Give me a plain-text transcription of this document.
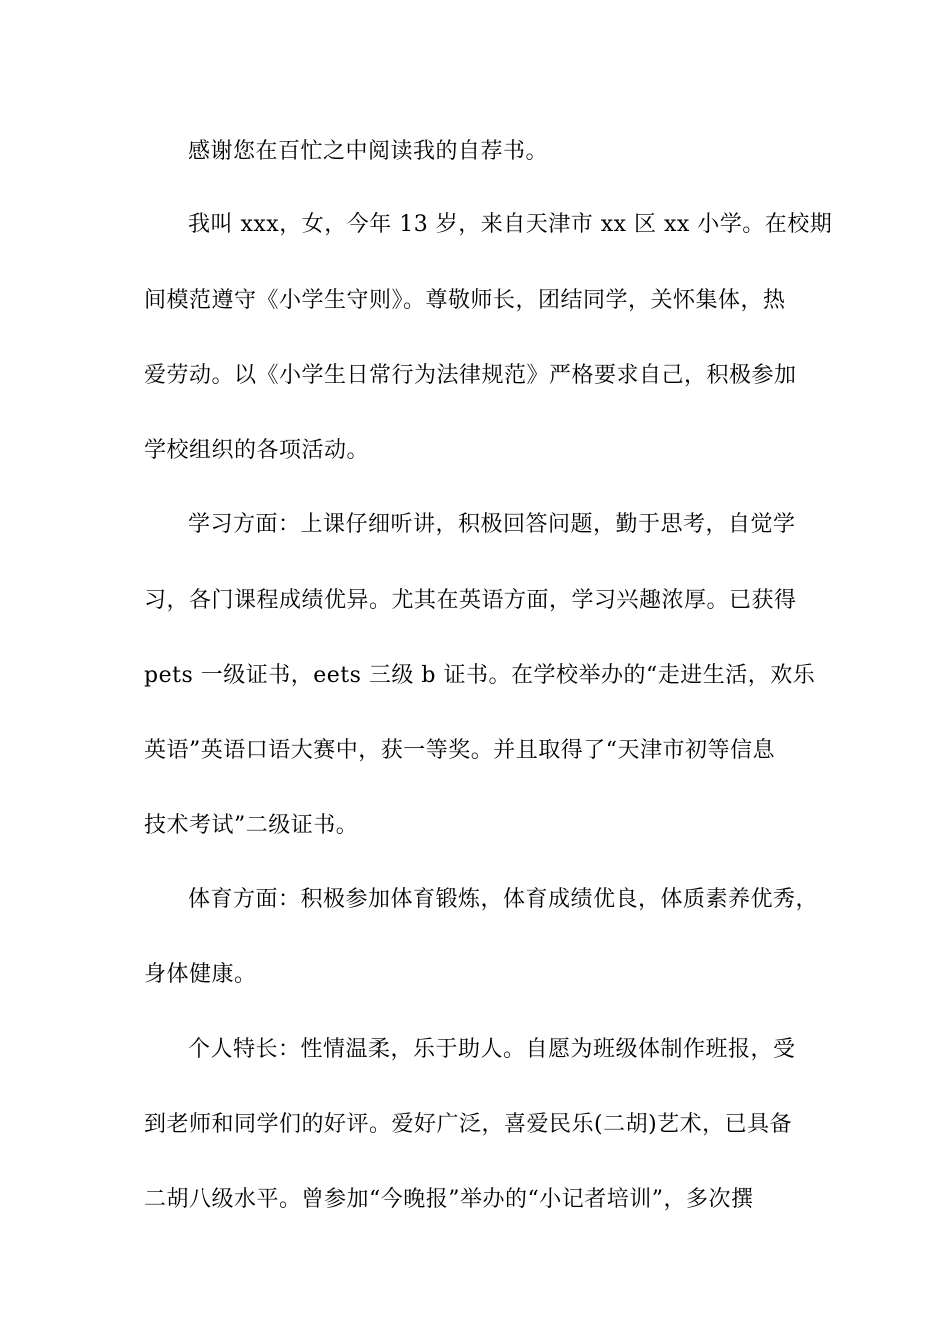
感谢您在百忙之中阅读我的自荐书。
我叫 xxx，女，今年 13 岁，来自天津市 xx 区 xx 小学。在校期
间模范遵守《小学生守则》。尊敬师长，团结同学，关怀集体，热
爱劳动。以《小学生日常行为法律规范》严格要求自己，积极参加
学校组织的各项活动。
学习方面：上课仔细听讲，积极回答问题，勤于思考，自觉学
习，各门课程成绩优异。尤其在英语方面，学习兴趣浓厚。已获得
pets 一级证书，eets 三级 b 证书。在学校举办的“走进生活，欢乐
英语”英语口语大赛中，获一等奖。并且取得了“天津市初等信息
技术考试”二级证书。
体育方面：积极参加体育锻炼，体育成绩优良，体质素养优秀，
身体健康。
个人特长：性情温柔，乐于助人。自愿为班级体制作班报，受
到老师和同学们的好评。爱好广泛，喜爱民乐(二胡)艺术，已具备
二胡八级水平。曾参加“今晚报”举办的“小记者培训”，多次撰
